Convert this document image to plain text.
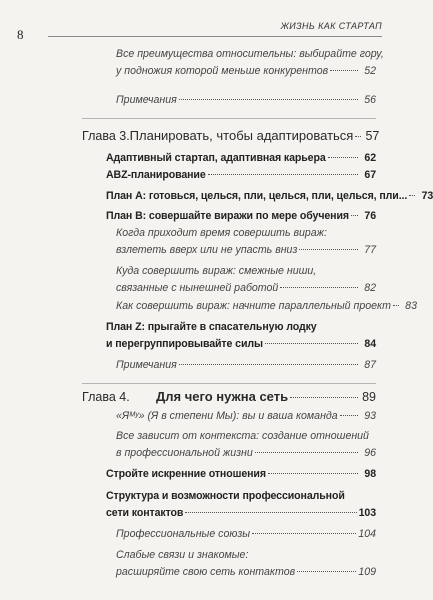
8
ЖИЗНЬ КАК СТАРТАП
Все преимущества относительны: выбирайте гору,
у подножия которой меньше конкурентов	52
Примечания	56
Глава 3. Планировать, чтобы адаптироваться 57
Адаптивный стартап, адаптивная карьера	62
ABZ-планирование	67
План А: готовься, целься, пли, целься, пли, целься, пли...	73
План В: совершайте виражи по мере обучения	76
Когда приходит время совершить вираж:
взлететь вверх или не упасть вниз	77
Куда совершить вираж: смежные ниши,
связанные с нынешней работой	82
Как совершить вираж: начните параллельный проект	83
План Z: прыгайте в спасательную лодку
и перегруппировывайте силы	84
Примечания	87
Глава 4.	Для чего нужна сеть	89
«Яᴹʸ» (Я в степени Мы): вы и ваша команда	93
Все зависит от контекста: создание отношений
в профессиональной жизни	96
Стройте искренние отношения	98
Структура и возможности профессиональной
сети контактов	103
Профессиональные союзы	104
Слабые связи и знакомые:
расширяйте свою сеть контактов	109
